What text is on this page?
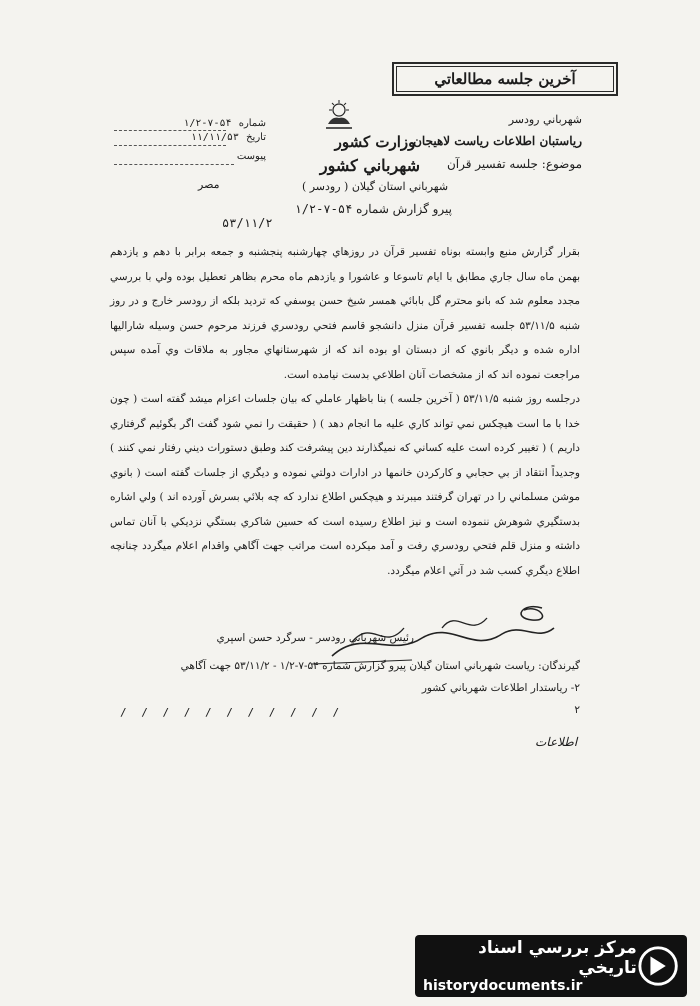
آخرين جلسه مطالعاتي
شماره ۵۴-۷-۱/۲
تاريخ ۱۱/۱۱/۵۳
پيوست
وزارت كشور
شهرباني كشور
شهرباني استان گيلان ( رودسر )
شهرباني رودسر
رياستبان اطلاعات رياست لاهيجان
موضوع: جلسه تفسير قرآن
مصر
پيرو گزارش شماره ۵۴-۷-۱/۲
۵۳/۱۱/۲

بقرار گزارش منبع وابسته بوناه تفسير قرآن در روزهاي چهارشنبه پنجشنبه و جمعه برابر با دهم و يازدهم بهمن ماه سال جاري مطابق با ايام تاسوعا و عاشورا و يازدهم ماه محرم بظاهر تعطيل بوده ولي با بررسي مجدد معلوم شد كه بانو محترم گل بابائي همسر شيخ حسن يوسفي كه ترديد بلكه از رودسر خارج و در روز شنبه ۵۳/۱۱/۵ جلسه تفسير قرآن منزل دانشجو قاسم فتحي رودسري فرزند مرحوم حسن وسيله شاراليها اداره شده و ديگر بانوي كه از دبستان او بوده اند كه از شهرستانهاي مجاور به ملاقات وي آمده سپس مراجعت نموده اند كه از مشخصات آنان اطلاعي بدست نيامده است.

درجلسه روز شنبه ۵۳/۱۱/۵ ( آخرين جلسه ) بنا باظهار عاملي كه بيان جلسات اعزام ميشد گفته است ( چون خدا با ما است هيچكس نمي تواند كاري عليه ما انجام دهد ) ( حقيقت را نمي شود گفت اگر بگوئيم گرفتاري داريم ) ( تغيير كرده است عليه كساني كه نميگذارند دين پيشرفت كند وطبق دستورات ديني رفتار نمي كنند ) وجديداً انتقاد از بي حجابي و كاركردن خانمها در ادارات دولتي نموده و ديگري از جلسات گفته است ( بانوي موشن مسلماني را در تهران گرفتند ميبرند و هيچكس اطلاع ندارد كه چه بلائي بسرش آورده اند ) ولي اشاره بدستگيري شوهرش ننموده است و نيز اطلاع رسيده است كه حسين شاكري بستگي نزديكي با آنان تماس داشته و منزل قلم فتحي رودسري رفت و آمد ميكرده است مراتب جهت آگاهي واقدام اعلام ميگردد چنانچه اطلاع ديگري كسب شد در آتي اعلام ميگردد.

رئيس شهرباني رودسر - سرگرد حسن اسپري
گيرندگان: رياست شهرباني استان گيلان پيرو گزارش شماره ۵۴-۷-۱/۲ - ۵۳/۱۱/۲ جهت آگاهي
۲- رياستدار اطلاعات شهرباني كشور
۲
/ / / / / / / / / / /
اطلاعات
مركز بررسي اسناد تاريخي
historydocuments.ir
